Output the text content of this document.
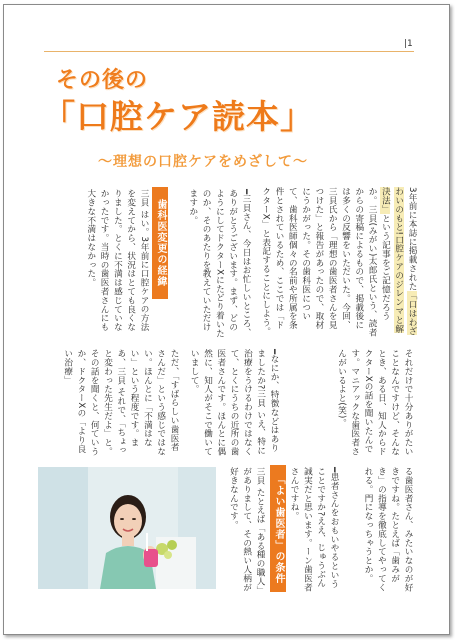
|1
その後の
「口腔ケア読本」
〜理想の口腔ケアをめざして〜
3年前に本誌に掲載された「口はわざわいのもと!口腔ケアのジレンマと解決法」という記事をご記憶だろうか。三貝(みがい)太郎氏という、読者からの寄稿によるもので、掲載後には多くの反響をいただいた。今回、三貝氏から「理想の歯医者さんを見つけた」と報告があったので、取材にうかがった。その歯科医について、歯科医師個々の名前や所属を条件とされているため、ここでは「ドクターX」と表記することにしよう。
━三貝さん、今日はお忙しいところ、ありがとうございます。まず、どのようにしてドクターXにたどり着いたのか、そのあたりを教えていただけますか。
歯科医変更の経緯
三貝 はい。3年前に口腔ケアの方法を変えてから、状況はとても良くなりました。とくに不満は感じていなかったです。当時の歯医者さんにも大きな不満はなかった。
それだけで十分ありがたいことなんですけど、そんなとき、ある日、知人からドクターXの話を聞いたんです。マニアックな歯医者さんがいるよと(笑)。
━なにか、特徴などはありましたか?三貝 いえ、特に治療をうけるわけではなくて、とくにうちの近所の歯医者さんです。ほんとに偶然に、知人がそこで働いていまして。
ただ、「すばらしい歯医者さんだ」という感じではない。ほんとに「不満はない」という程度です。まあ、三貝 それで、「ちょっと変わった先生だよ」と。その話を聞くと、何ていうか、ドクターXの「より良い治療」
る歯医者さん、みたいなのが好きですね。たとえば「歯みがき」の指導を徹底してやってくれる。門になっちゃうとか。
━患者さんをおもいやるということですか?ええ、じゅうぶん誠実だと思います。ーン歯医者さんですね。
「よい歯医者」の条件
三貝 たとえば「ある種の職人」がありまして、その熱い人柄が好きなんです。
